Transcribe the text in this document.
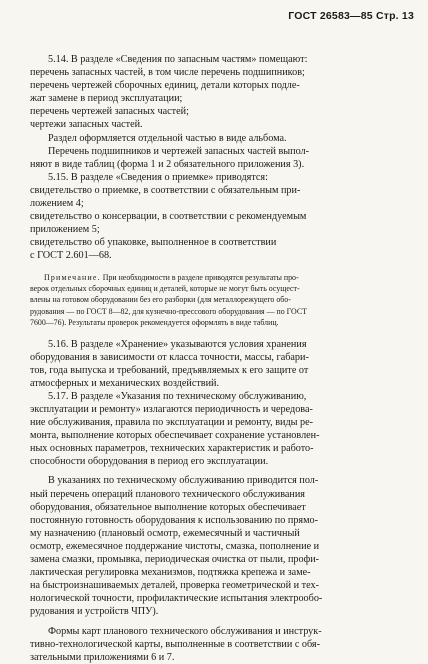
ГОСТ 26583—85 Стр. 13

5.14. В разделе «Сведения по запасным частям» помещают:

перечень запасных частей, в том числе перечень подшипников;

перечень чертежей сборочных единиц, детали которых подле-

жат замене в период эксплуатации;

перечень чертежей запасных частей;

чертежи запасных частей.

Раздел оформляется отдельной частью в виде альбома.

Перечень подшипников и чертежей запасных частей выпол-

няют в виде таблиц (форма 1 и 2 обязательного приложения 3).

5.15. В разделе «Сведения о приемке» приводятся:

свидетельство о приемке, в соответствии с обязательным при-

ложением 4;

свидетельство о консервации, в соответствии с рекомендуемым

приложением 5;

свидетельство об упаковке, выполненное в соответствии

с ГОСТ 2.601—68.

Примечание. При необходимости в разделе приводятся результаты про-

верок отдельных сборочных единиц и деталей, которые не могут быть осущест-

влены на готовом оборудовании без его разборки (для металлорежущего обо-

рудования — по ГОСТ 8—82, для кузнечно-прессового оборудования — по ГОСТ

7600—76). Результаты проверок рекомендуется оформлять в виде таблиц.

5.16. В разделе «Хранение» указываются условия хранения

оборудования в зависимости от класса точности, массы, габари-

тов, года выпуска и требований, предъявляемых к его защите от

атмосферных и механических воздействий.

5.17. В разделе «Указания по техническому обслуживанию,

эксплуатации и ремонту» излагаются периодичность и чередова-

ние обслуживания, правила по эксплуатации и ремонту, виды ре-

монта, выполнение которых обеспечивает сохранение установлен-

ных основных параметров, технических характеристик и работо-

способности оборудования в период его эксплуатации.

В указаниях по техническому обслуживанию приводится пол-

ный перечень операций планового технического обслуживания

оборудования, обязательное выполнение которых обеспечивает

постоянную готовность оборудования к использованию по прямо-

му назначению (плановый осмотр, ежемесячный и частичный

осмотр, ежемесячное поддержание чистоты, смазка, пополнение и

замена смазки, промывка, периодическая очистка от пыли, профи-

лактическая регулировка механизмов, подтяжка крепежа и заме-

на быстроизнашиваемых деталей, проверка геометрической и тех-

нологической точности, профилактические испытания электрообо-

рудования и устройств ЧПУ).

Формы карт планового технического обслуживания и инструк-

тивно-технологической карты, выполненные в соответствии с обя-

зательными приложениями 6 и 7.
